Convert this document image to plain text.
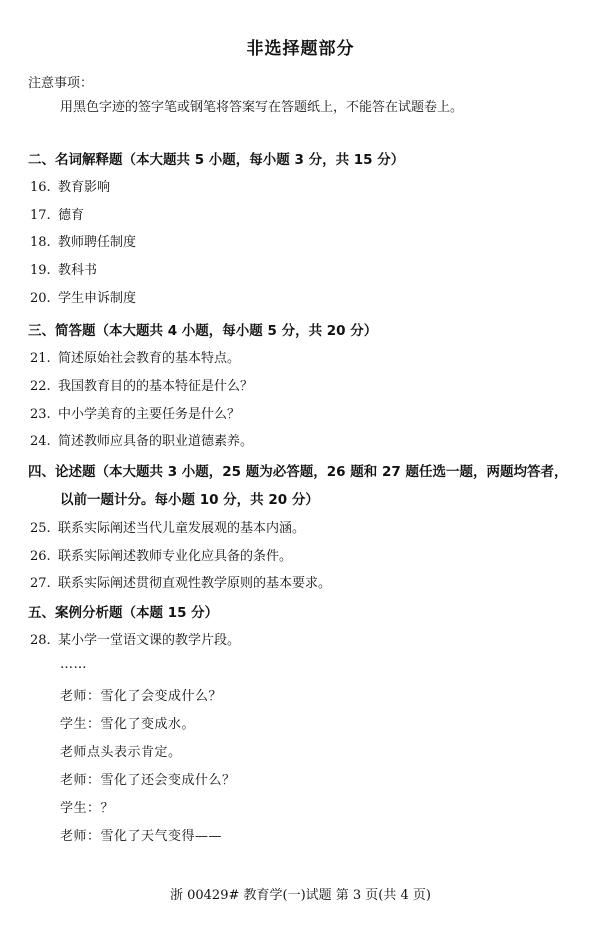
非选择题部分
注意事项：
用黑色字迹的签字笔或钢笔将答案写在答题纸上，不能答在试题卷上。
二、名词解释题（本大题共 5 小题，每小题 3 分，共 15 分）
16. 教育影响
17. 德育
18. 教师聘任制度
19. 教科书
20. 学生申诉制度
三、简答题（本大题共 4 小题，每小题 5 分，共 20 分）
21. 简述原始社会教育的基本特点。
22. 我国教育目的的基本特征是什么？
23. 中小学美育的主要任务是什么？
24. 简述教师应具备的职业道德素养。
四、论述题（本大题共 3 小题，25 题为必答题，26 题和 27 题任选一题，两题均答者，
以前一题计分。每小题 10 分，共 20 分）
25. 联系实际阐述当代儿童发展观的基本内涵。
26. 联系实际阐述教师专业化应具备的条件。
27. 联系实际阐述贯彻直观性教学原则的基本要求。
五、案例分析题（本题 15 分）
28. 某小学一堂语文课的教学片段。
……
老师：雪化了会变成什么？
学生：雪化了变成水。
老师点头表示肯定。
老师：雪化了还会变成什么？
学生：？
老师：雪化了天气变得——
浙 00429# 教育学(一)试题 第 3 页(共 4 页)
